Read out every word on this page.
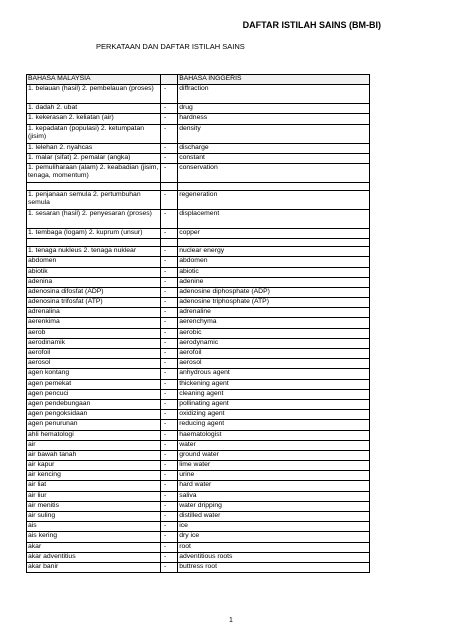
DAFTAR ISTILAH SAINS (BM-BI)
PERKATAAN DAN DAFTAR ISTILAH SAINS
BAHASA MALAYSIA		BAHASA INGGERIS
1. belauan (hasil) 2. pembelauan (proses)	-	diffraction
1. dadah 2. ubat	-	drug
1. kekerasan 2. keliatan (air)	-	hardness
1. kepadatan (populasi) 2. ketumpatan (jisim)	-	density
1. lelehan 2. nyahcas	-	discharge
1. malar (sifat) 2. pemalar (angka)	-	constant
1. pemuliharaan (alam) 2. keabadian (jisim, tenaga, momentum)	-	conservation

1. penjanaan semula 2. pertumbuhan semula	-	regeneration
1. sesaran (hasil) 2. penyesaran (proses)	-	displacement
1. tembaga (logam) 2. kuprum (unsur)	-	copper

1. tenaga nukleus 2. tenaga nuklear	-	nuclear energy
abdomen	-	abdomen
abiotik	-	abiotic
adenina	-	adenine
adenosina difosfat (ADP)	-	adenosine diphosphate (ADP)
adenosina trifosfat (ATP)	-	adenosine triphosphate (ATP)
adrenalina	-	adrenaline
aerenkima	-	aerenchyma
aerob	-	aerobic
aerodinamik	-	aerodynamic
aerofoil	-	aerofoil
aerosol	-	aerosol
agen kontang	-	anhydrous agent
agen pemekat	-	thickening agent
agen pencuci	-	cleaning agent
agen pendebungaan	-	pollinating agent
agen pengoksidaan	-	oxidizing agent
agen penurunan	-	reducing agent
ahli hematologi	-	haematologist
air	-	water
air bawah tanah	-	ground water
air kapur	-	lime water
air kencing	-	urine
air liat	-	hard water
air liur	-	saliva
air menitis	-	water dripping
air suling	-	distilled water
ais	-	ice
ais kering	-	dry ice
akar	-	root
akar adventitius	-	adventitious roots
akar banir	-	buttress root
1
